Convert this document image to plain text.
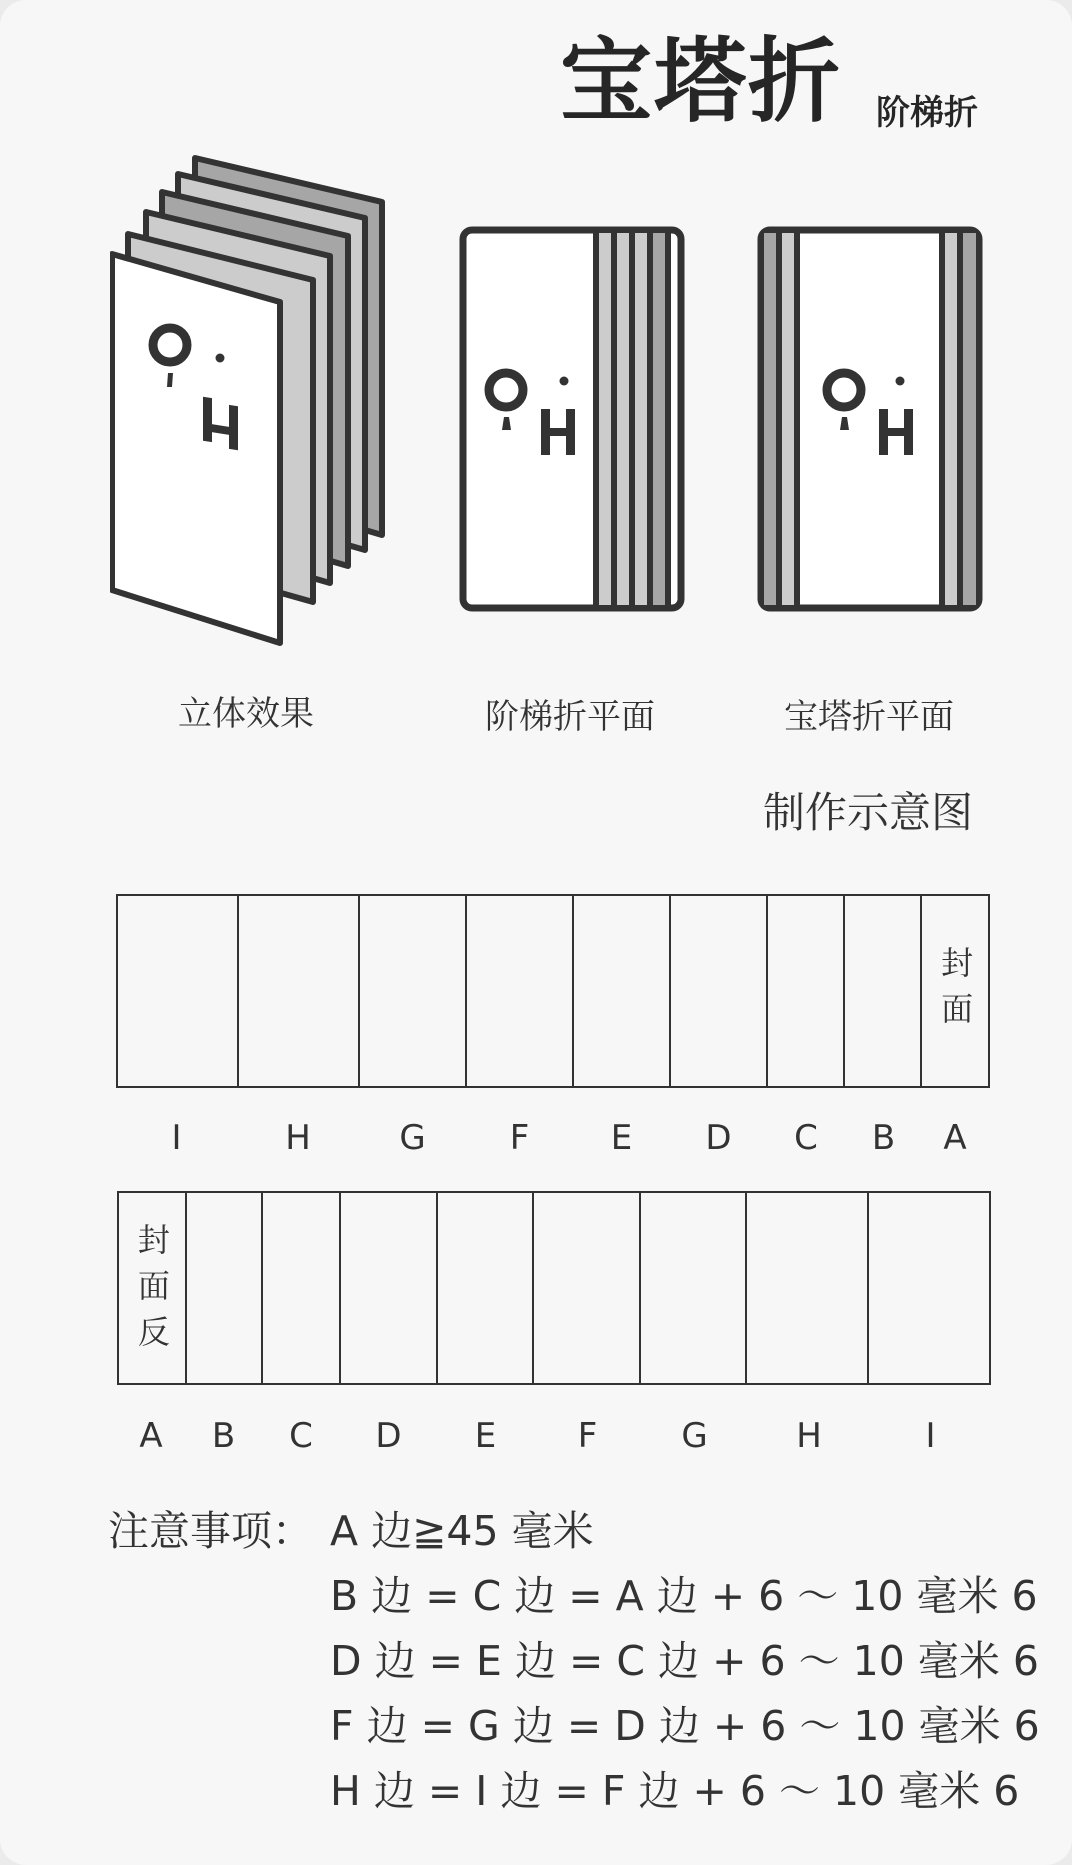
宝塔折 阶梯折
立体效果	阶梯折平面	宝塔折平面
制作示意图
封面
I	H	G	F	E	D	C	B	A
封面反
A	B	C	D	E	F	G	H	I
注意事项： A 边≧45 毫米
B 边 = C 边 = A 边 + 6 ～ 10 毫米 6
D 边 = E 边 = C 边 + 6 ～ 10 毫米 6
F 边 = G 边 = D 边 + 6 ～ 10 毫米 6
H 边 = I 边 = F 边 + 6 ～ 10 毫米 6
